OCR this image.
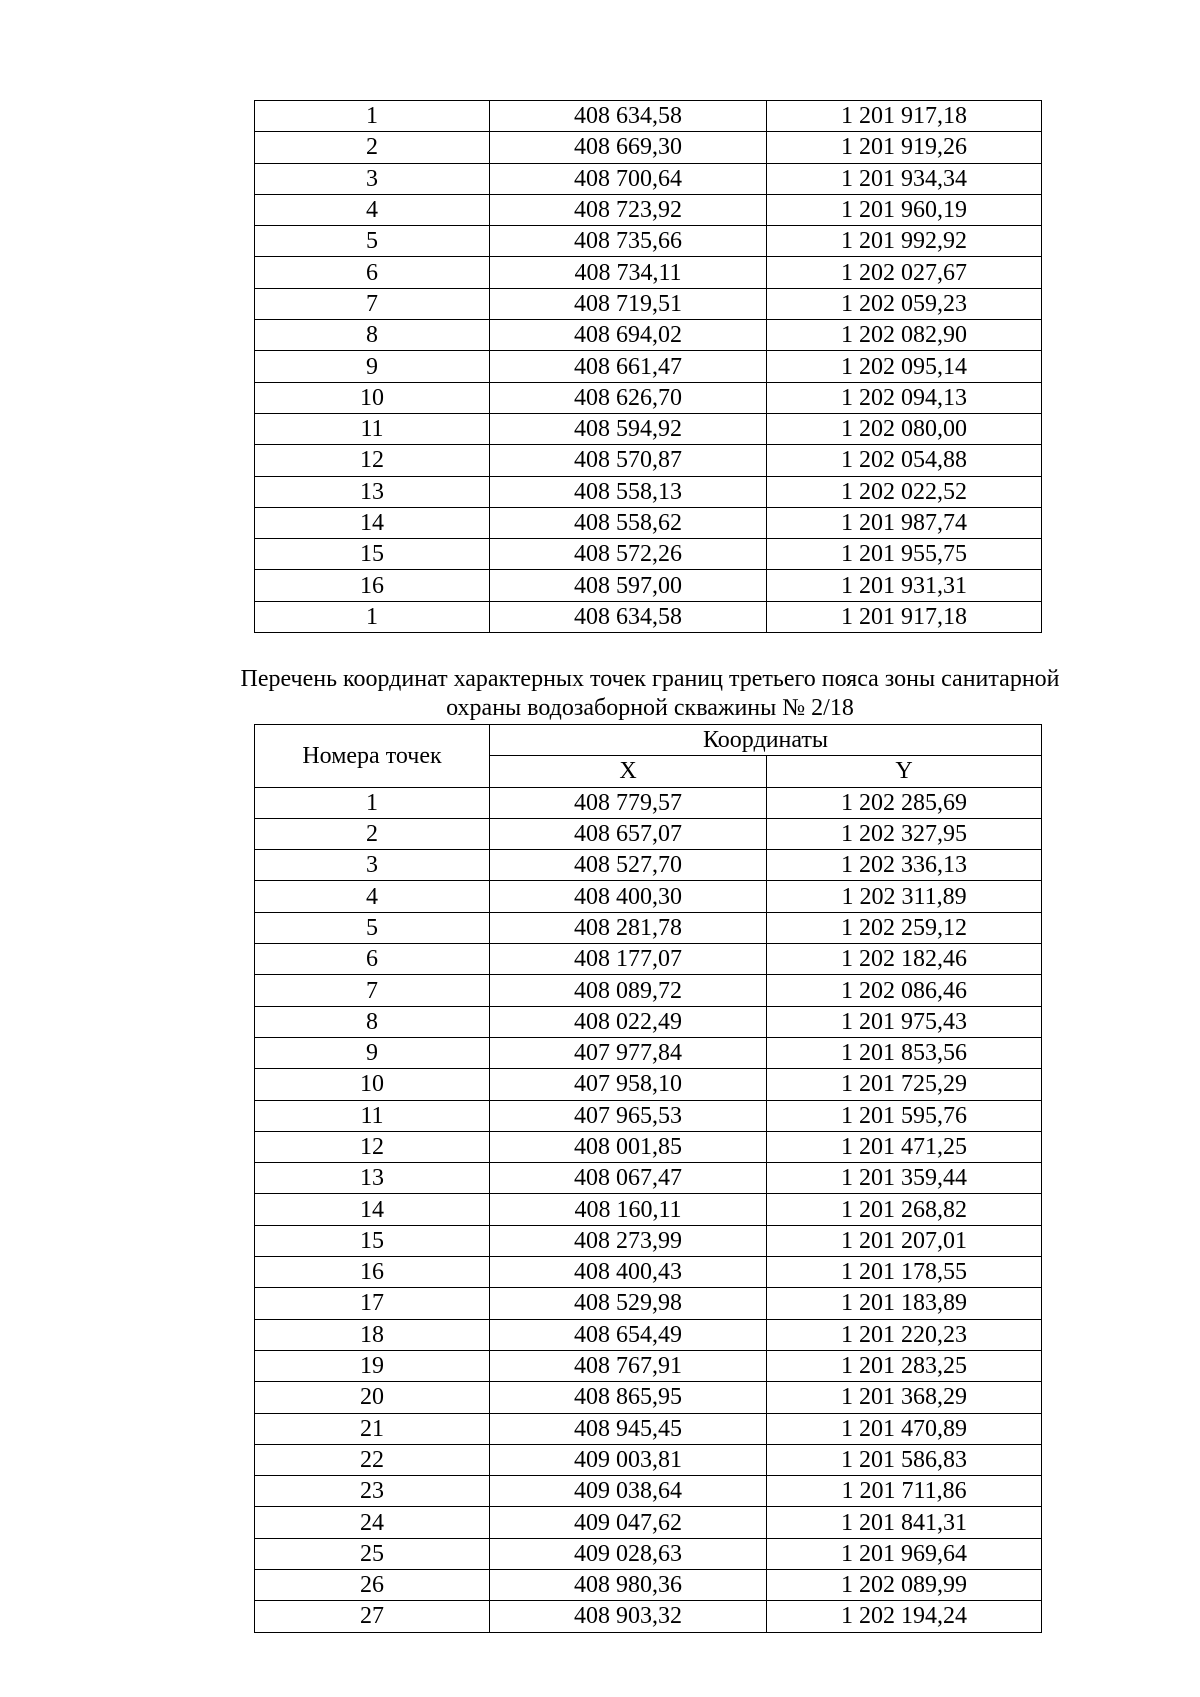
1	408 634,58	1 201 917,18
2	408 669,30	1 201 919,26
3	408 700,64	1 201 934,34
4	408 723,92	1 201 960,19
5	408 735,66	1 201 992,92
6	408 734,11	1 202 027,67
7	408 719,51	1 202 059,23
8	408 694,02	1 202 082,90
9	408 661,47	1 202 095,14
10	408 626,70	1 202 094,13
11	408 594,92	1 202 080,00
12	408 570,87	1 202 054,88
13	408 558,13	1 202 022,52
14	408 558,62	1 201 987,74
15	408 572,26	1 201 955,75
16	408 597,00	1 201 931,31
1	408 634,58	1 201 917,18
Перечень координат характерных точек границ третьего пояса зоны санитарной
охраны водозаборной скважины № 2/18
Номера точек	Координаты	
	X	Y
1	408 779,57	1 202 285,69
2	408 657,07	1 202 327,95
3	408 527,70	1 202 336,13
4	408 400,30	1 202 311,89
5	408 281,78	1 202 259,12
6	408 177,07	1 202 182,46
7	408 089,72	1 202 086,46
8	408 022,49	1 201 975,43
9	407 977,84	1 201 853,56
10	407 958,10	1 201 725,29
11	407 965,53	1 201 595,76
12	408 001,85	1 201 471,25
13	408 067,47	1 201 359,44
14	408 160,11	1 201 268,82
15	408 273,99	1 201 207,01
16	408 400,43	1 201 178,55
17	408 529,98	1 201 183,89
18	408 654,49	1 201 220,23
19	408 767,91	1 201 283,25
20	408 865,95	1 201 368,29
21	408 945,45	1 201 470,89
22	409 003,81	1 201 586,83
23	409 038,64	1 201 711,86
24	409 047,62	1 201 841,31
25	409 028,63	1 201 969,64
26	408 980,36	1 202 089,99
27	408 903,32	1 202 194,24
